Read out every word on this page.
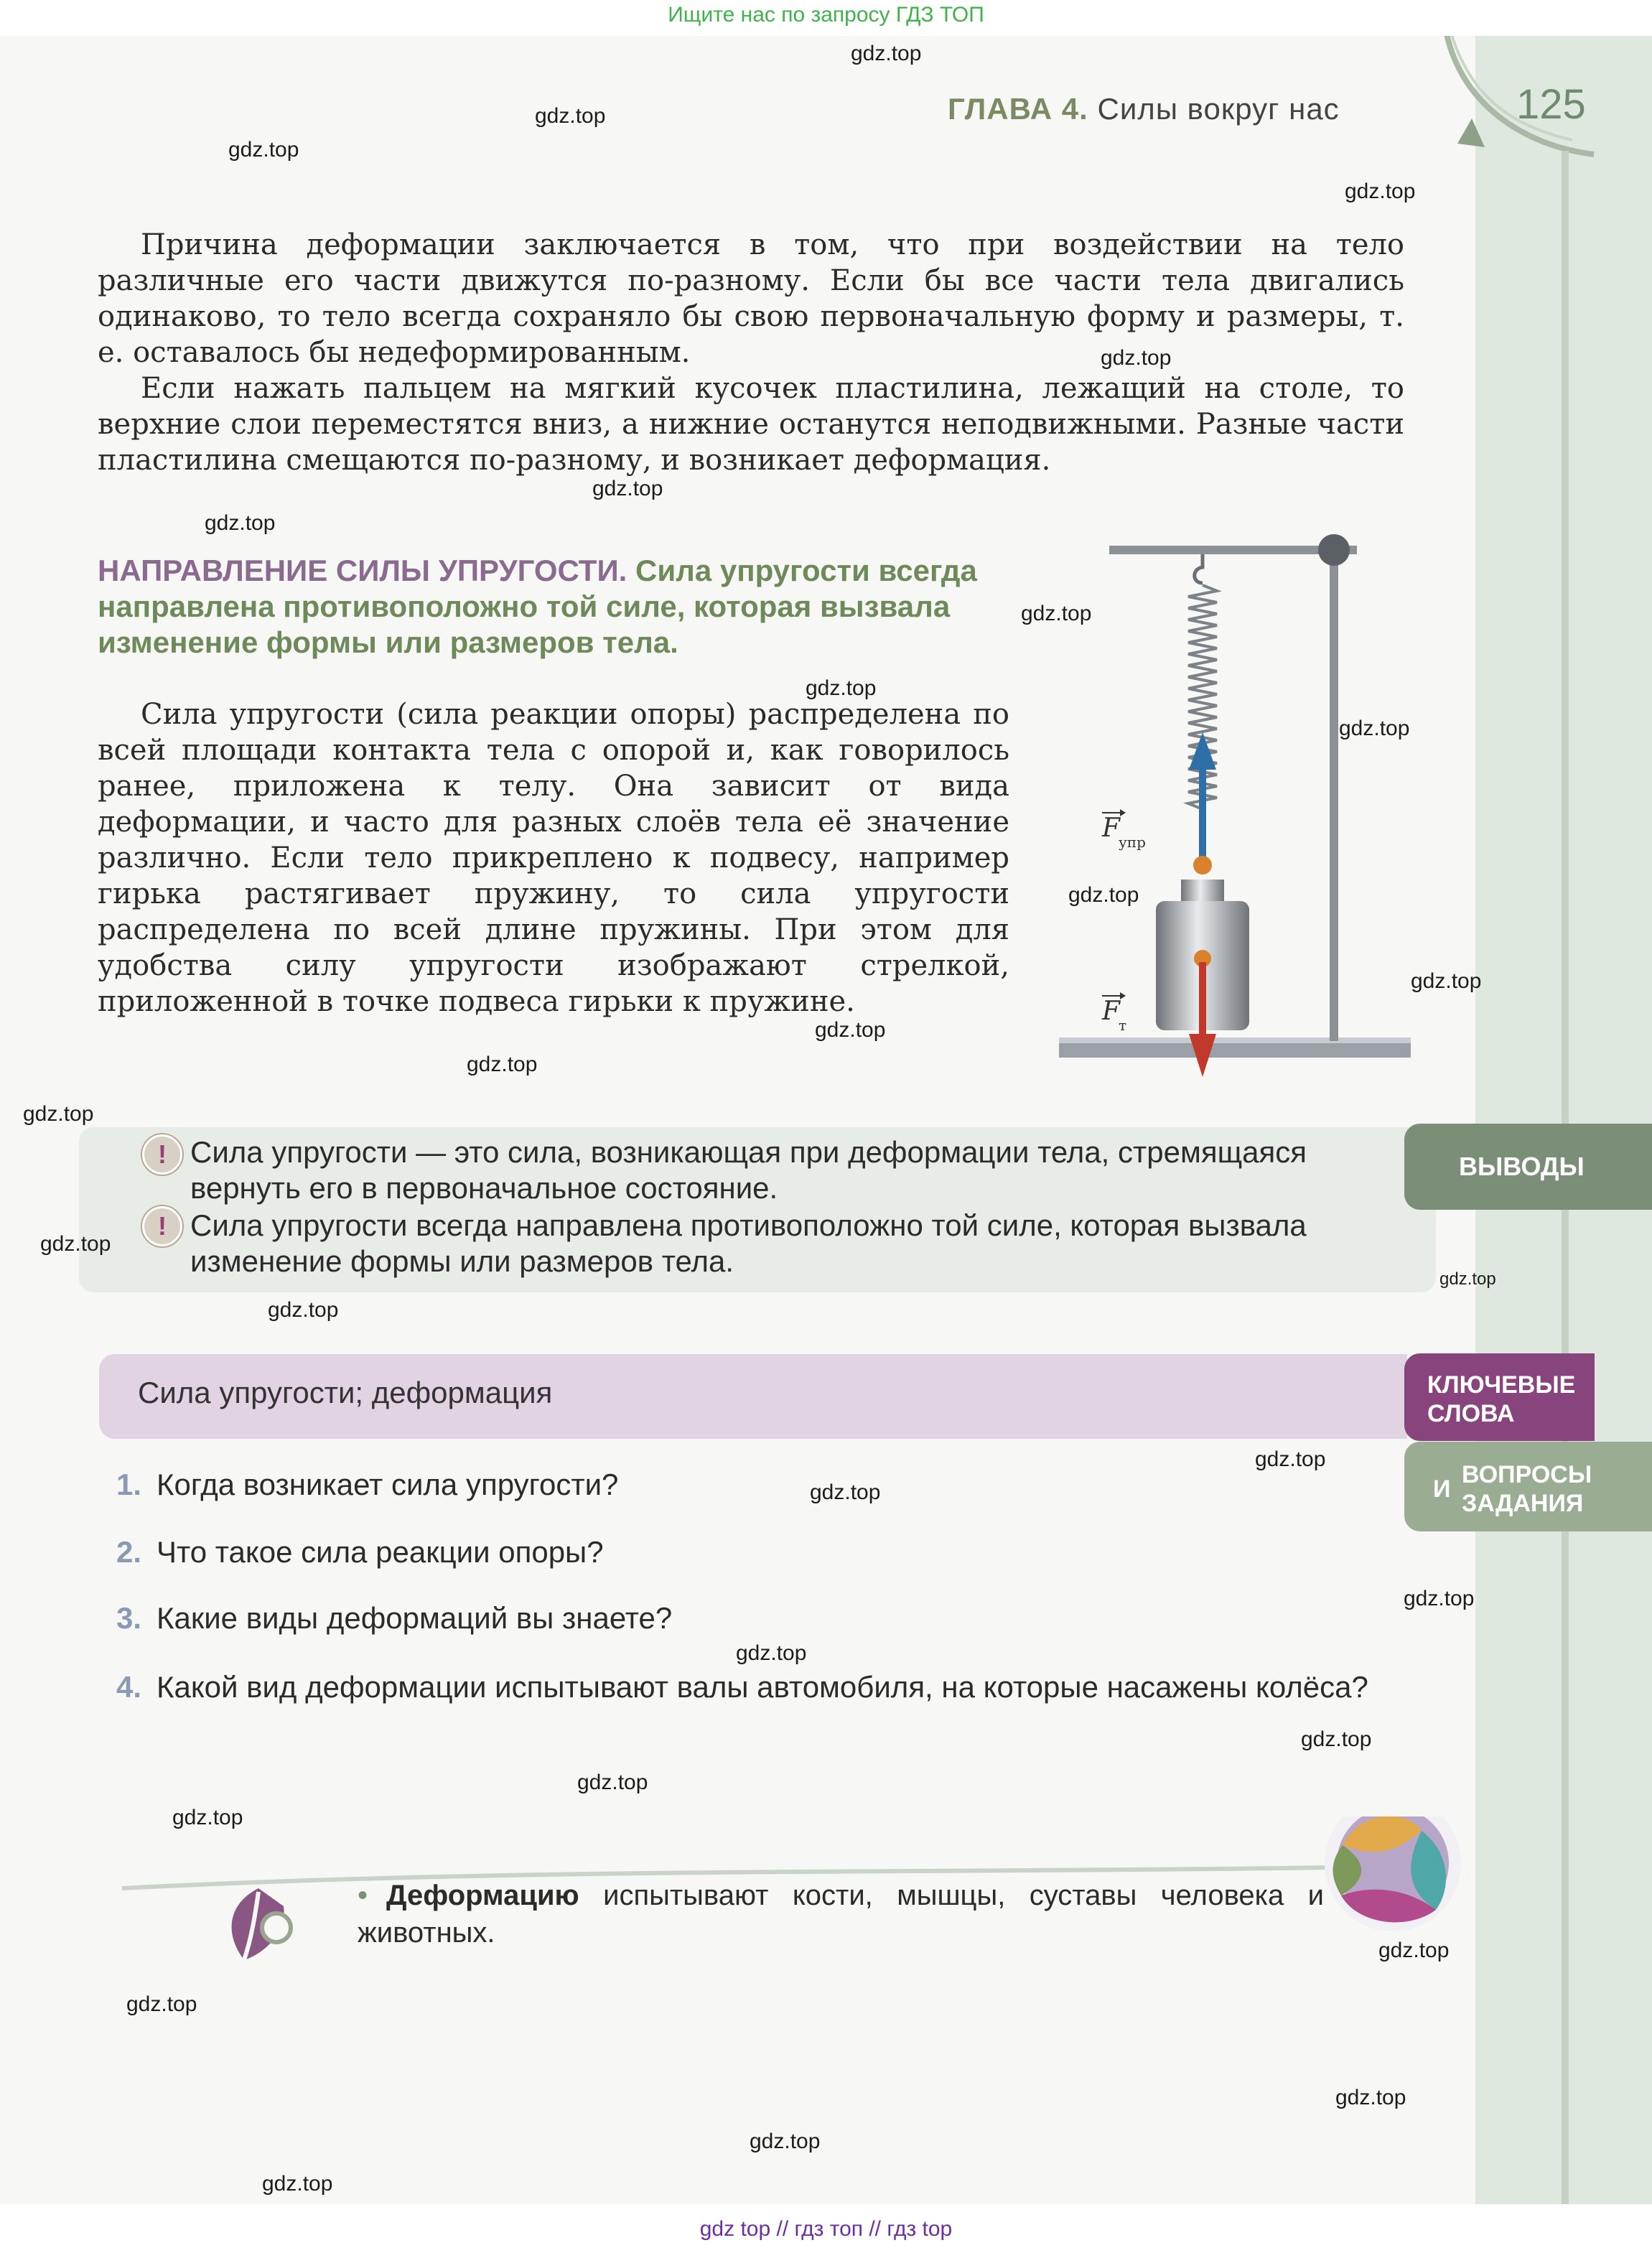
Ищите нас по запросу ГДЗ ТОП
ГЛАВА 4. Силы вокруг нас	125
Причина деформации заключается в том, что при воздействии на тело различные его части движутся по-разному. Если бы все части тела двигались одинаково, то тело всегда сохраняло бы свою первоначальную форму и размеры, т. е. оставалось бы недеформированным.
Если нажать пальцем на мягкий кусочек пластилина, лежащий на столе, то верхние слои переместятся вниз, а нижние останутся неподвижными. Разные части пластилина смещаются по-разному, и возникает деформация.
НАПРАВЛЕНИЕ СИЛЫ УПРУГОСТИ. Сила упругости всегда направлена противоположно той силе, которая вызвала изменение формы или размеров тела.
Сила упругости (сила реакции опоры) распределена по всей площади контакта тела с опорой и, как говорилось ранее, приложена к телу. Она зависит от вида деформации, и часто для разных слоёв тела её значение различно. Если тело прикреплено к подвесу, например гирька растягивает пружину, то сила упругости распределена по всей длине пружины. При этом для удобства силу упругости изображают стрелкой, приложенной в точке подвеса гирьки к пружине.
F
упр
F
т
! Сила упругости — это сила, возникающая при деформации тела, стремящаяся вернуть его в первоначальное состояние.
! Сила упругости всегда направлена противоположно той силе, которая вызвала изменение формы или размеров тела.
ВЫВОДЫ
Сила упругости; деформация	КЛЮЧЕВЫЕ
СЛОВА
И
ВОПРОСЫ
ЗАДАНИЯ
1. Когда возникает сила упругости?
2. Что такое сила реакции опоры?
3. Какие виды деформаций вы знаете?
4. Какой вид деформации испытывают валы автомобиля, на которые насажены колёса?
• Деформацию испытывают кости, мышцы, суставы человека и животных.
gdz top // гдз топ // гдз top
gdz.top
gdz.top
gdz.top
gdz.top
gdz.top
gdz.top
gdz.top
gdz.top
gdz.top
gdz.top
gdz.top
gdz.top
gdz.top
gdz.top
gdz.top
gdz.top
gdz.top
gdz.top
gdz.top
gdz.top
gdz.top
gdz.top
gdz.top
gdz.top
gdz.top
gdz.top
gdz.top
gdz.top
gdz.top
gdz.top
